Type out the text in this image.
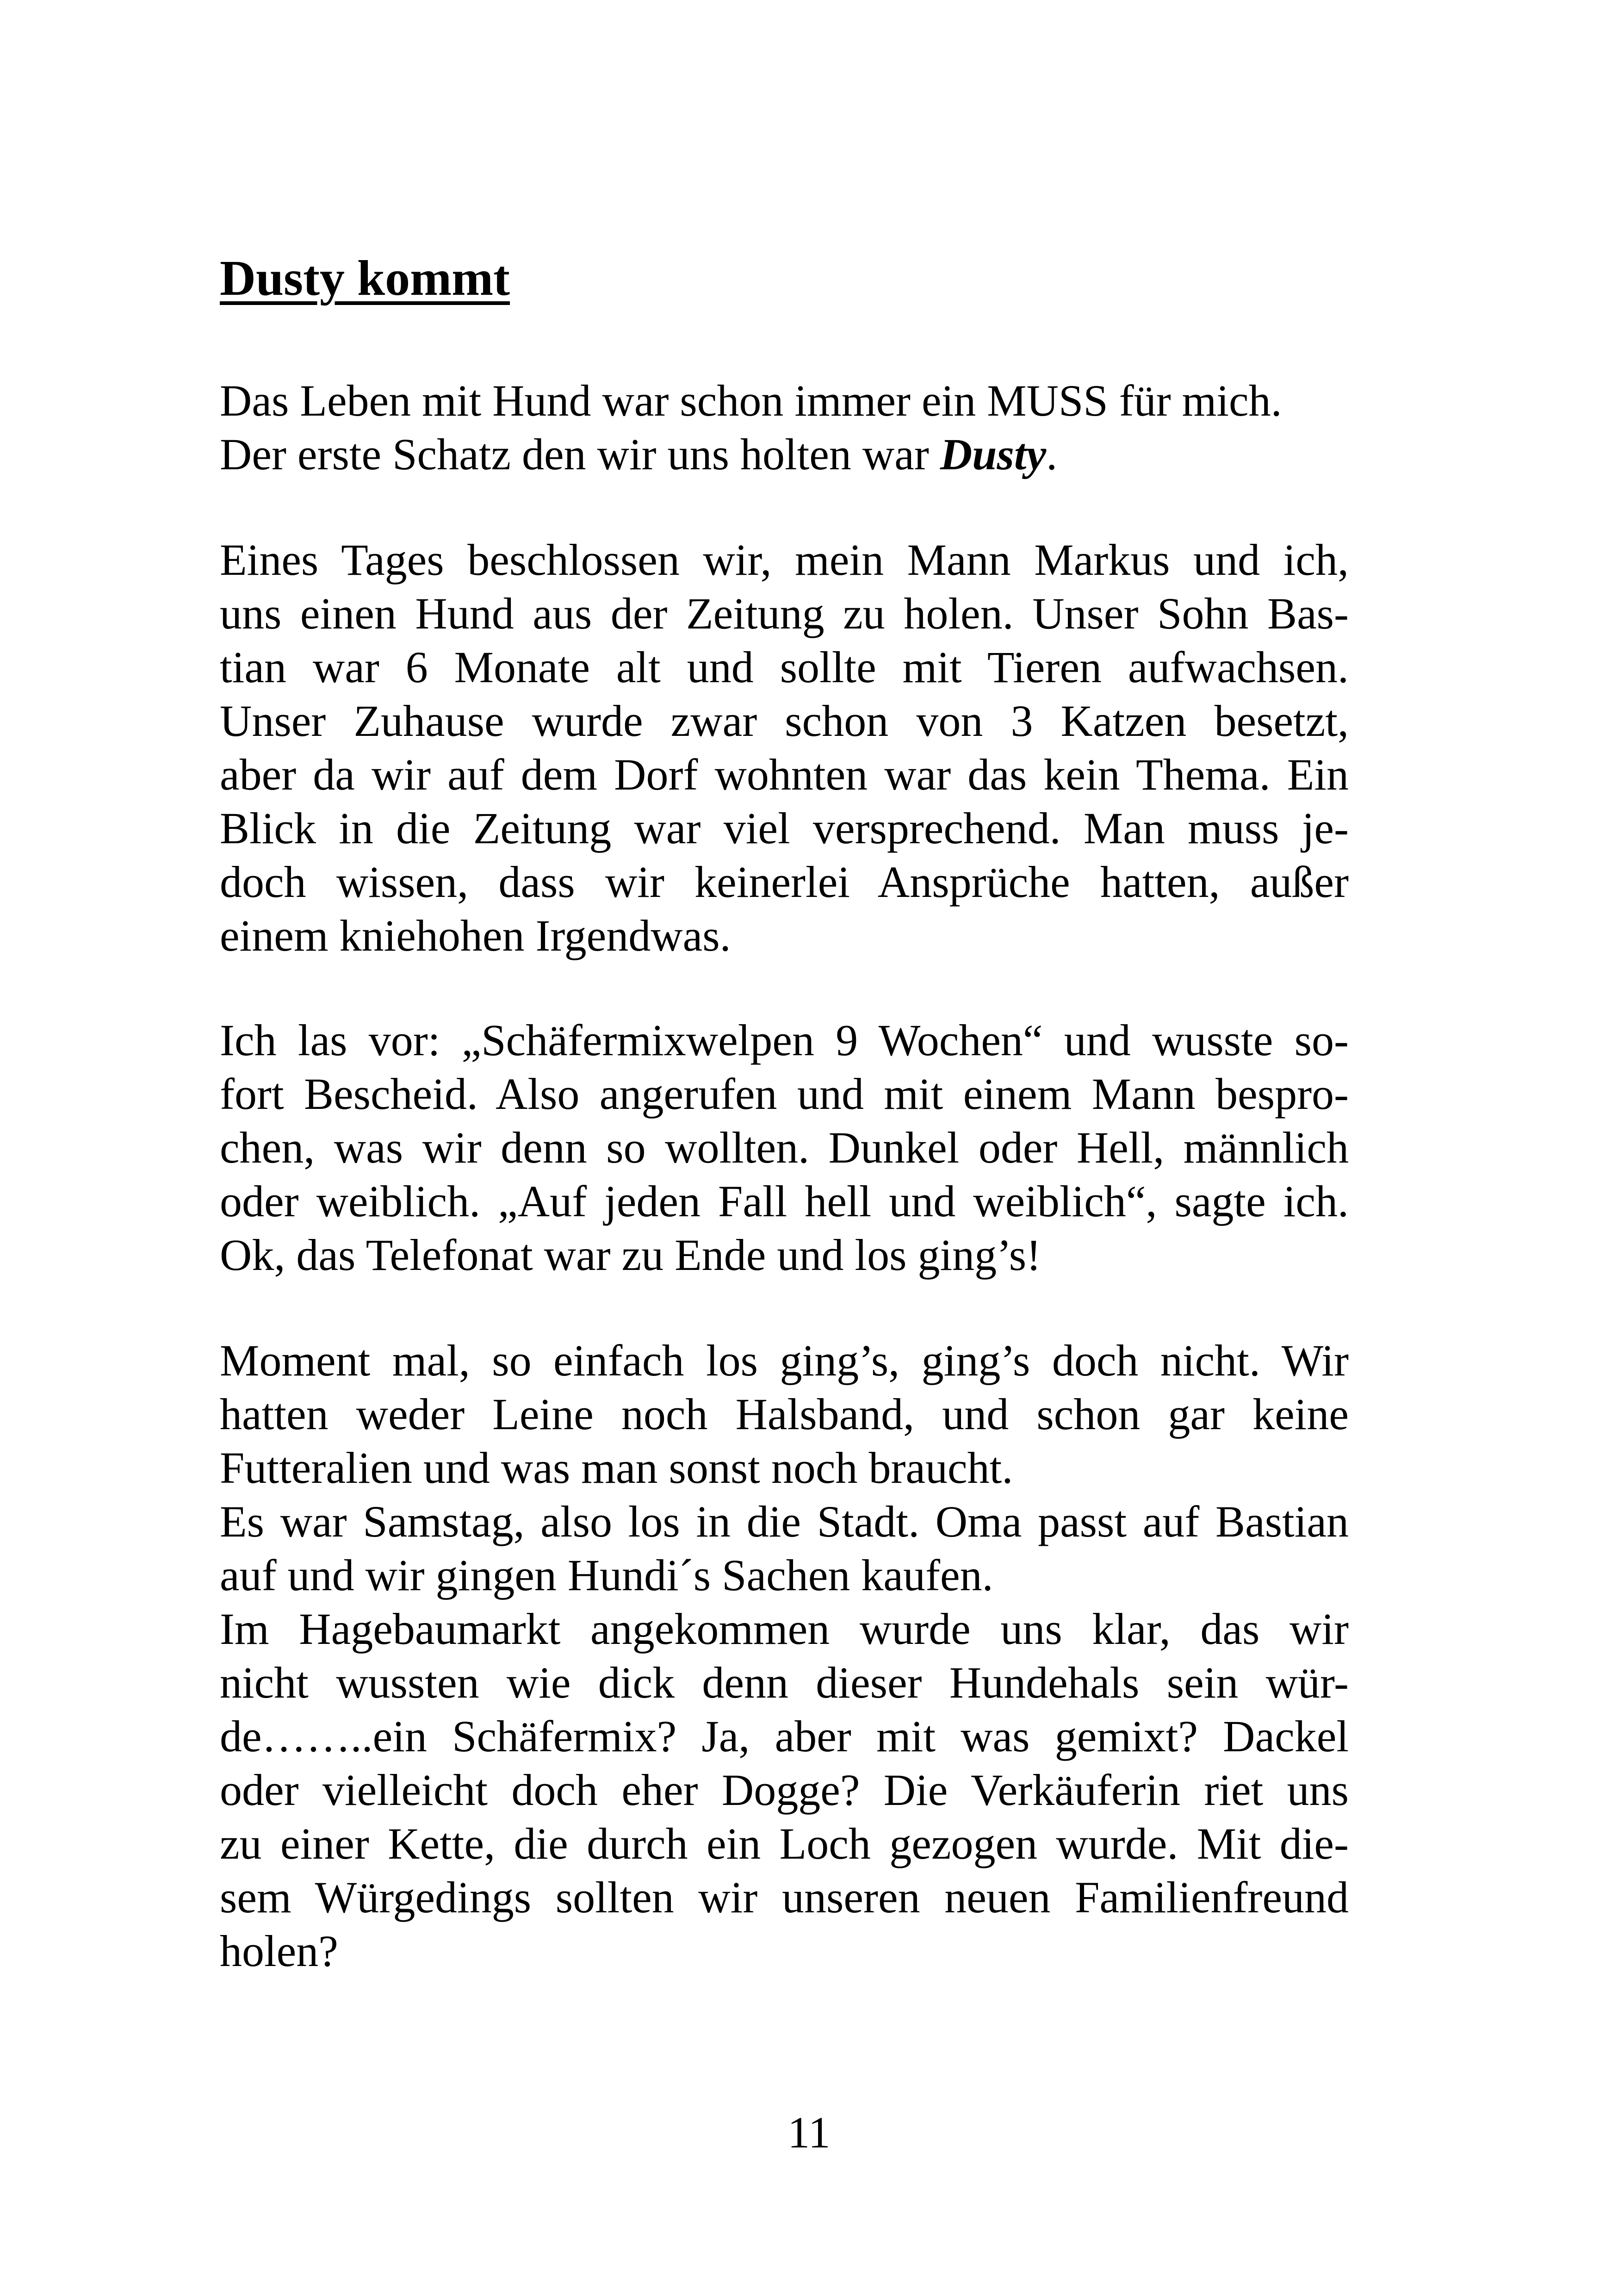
Dusty kommt
Das Leben mit Hund war schon immer ein MUSS für mich.
Der erste Schatz den wir uns holten war Dusty.
Eines Tages beschlossen wir, mein Mann Markus und ich,
uns einen Hund aus der Zeitung zu holen. Unser Sohn Bas-
tian war 6 Monate alt und sollte mit Tieren aufwachsen.
Unser Zuhause wurde zwar schon von 3 Katzen besetzt,
aber da wir auf dem Dorf wohnten war das kein Thema. Ein
Blick in die Zeitung war viel versprechend. Man muss je-
doch wissen, dass wir keinerlei Ansprüche hatten, außer
einem kniehohen Irgendwas.
Ich las vor: „Schäfermixwelpen 9 Wochen“ und wusste so-
fort Bescheid. Also angerufen und mit einem Mann bespro-
chen, was wir denn so wollten. Dunkel oder Hell, männlich
oder weiblich. „Auf jeden Fall hell und weiblich“, sagte ich.
Ok, das Telefonat war zu Ende und los ging’s!
Moment mal, so einfach los ging’s, ging’s doch nicht. Wir
hatten weder Leine noch Halsband, und schon gar keine
Futteralien und was man sonst noch braucht.
Es war Samstag, also los in die Stadt. Oma passt auf Bastian
auf und wir gingen Hundi´s Sachen kaufen.
Im Hagebaumarkt angekommen wurde uns klar, das wir
nicht wussten wie dick denn dieser Hundehals sein wür-
de……..ein Schäfermix? Ja, aber mit was gemixt? Dackel
oder vielleicht doch eher Dogge? Die Verkäuferin riet uns
zu einer Kette, die durch ein Loch gezogen wurde. Mit die-
sem Würgedings sollten wir unseren neuen Familienfreund
holen?
11
